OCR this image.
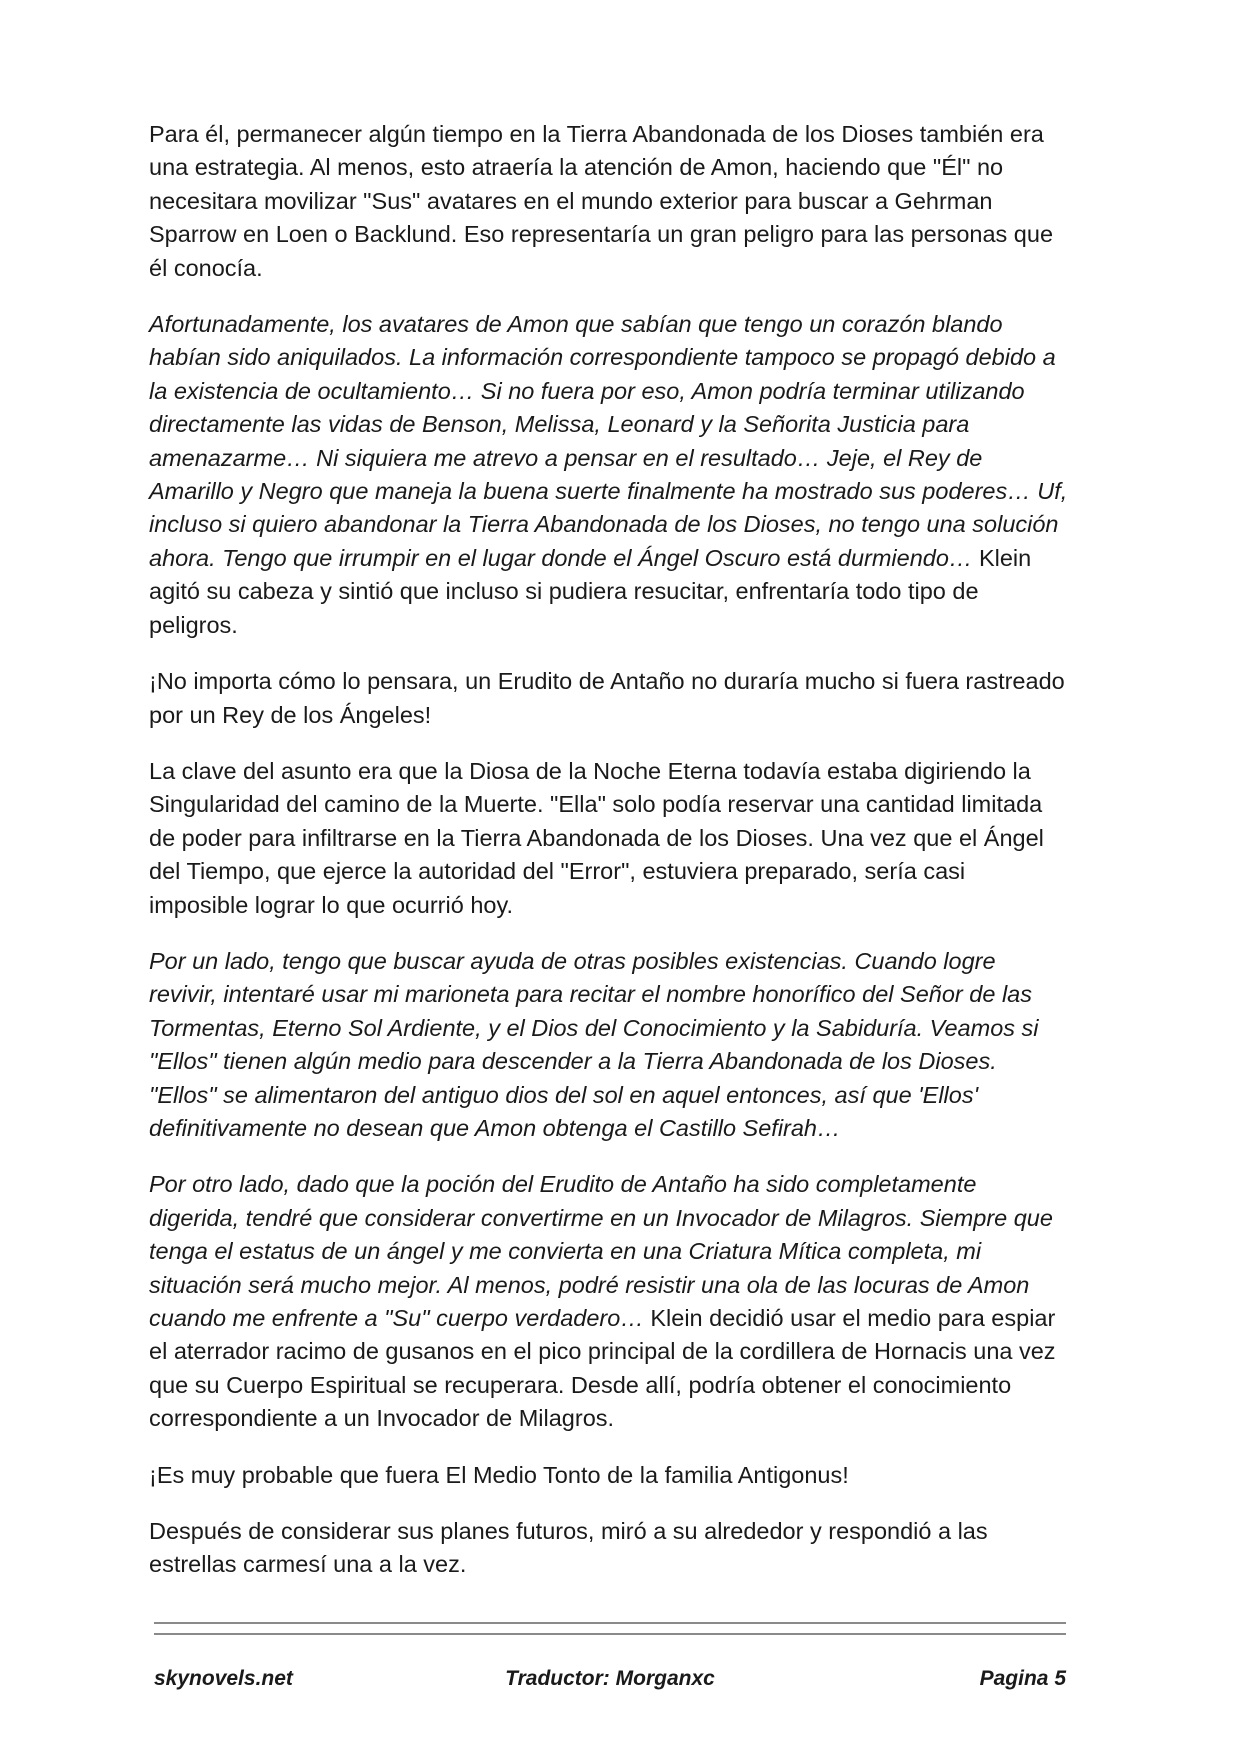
Para él, permanecer algún tiempo en la Tierra Abandonada de los Dioses también era una estrategia. Al menos, esto atraería la atención de Amon, haciendo que "Él" no necesitara movilizar "Sus" avatares en el mundo exterior para buscar a Gehrman Sparrow en Loen o Backlund. Eso representaría un gran peligro para las personas que él conocía.

Afortunadamente, los avatares de Amon que sabían que tengo un corazón blando habían sido aniquilados. La información correspondiente tampoco se propagó debido a la existencia de ocultamiento… Si no fuera por eso, Amon podría terminar utilizando directamente las vidas de Benson, Melissa, Leonard y la Señorita Justicia para amenazarme… Ni siquiera me atrevo a pensar en el resultado… Jeje, el Rey de Amarillo y Negro que maneja la buena suerte finalmente ha mostrado sus poderes… Uf, incluso si quiero abandonar la Tierra Abandonada de los Dioses, no tengo una solución ahora. Tengo que irrumpir en el lugar donde el Ángel Oscuro está durmiendo… Klein agitó su cabeza y sintió que incluso si pudiera resucitar, enfrentaría todo tipo de peligros.

¡No importa cómo lo pensara, un Erudito de Antaño no duraría mucho si fuera rastreado por un Rey de los Ángeles!

La clave del asunto era que la Diosa de la Noche Eterna todavía estaba digiriendo la Singularidad del camino de la Muerte. "Ella" solo podía reservar una cantidad limitada de poder para infiltrarse en la Tierra Abandonada de los Dioses. Una vez que el Ángel del Tiempo, que ejerce la autoridad del "Error", estuviera preparado, sería casi imposible lograr lo que ocurrió hoy.

Por un lado, tengo que buscar ayuda de otras posibles existencias. Cuando logre revivir, intentaré usar mi marioneta para recitar el nombre honorífico del Señor de las Tormentas, Eterno Sol Ardiente, y el Dios del Conocimiento y la Sabiduría. Veamos si "Ellos" tienen algún medio para descender a la Tierra Abandonada de los Dioses. "Ellos" se alimentaron del antiguo dios del sol en aquel entonces, así que 'Ellos' definitivamente no desean que Amon obtenga el Castillo Sefirah…

Por otro lado, dado que la poción del Erudito de Antaño ha sido completamente digerida, tendré que considerar convertirme en un Invocador de Milagros. Siempre que tenga el estatus de un ángel y me convierta en una Criatura Mítica completa, mi situación será mucho mejor. Al menos, podré resistir una ola de las locuras de Amon cuando me enfrente a "Su" cuerpo verdadero… Klein decidió usar el medio para espiar el aterrador racimo de gusanos en el pico principal de la cordillera de Hornacis una vez que su Cuerpo Espiritual se recuperara. Desde allí, podría obtener el conocimiento correspondiente a un Invocador de Milagros.

¡Es muy probable que fuera El Medio Tonto de la familia Antigonus!

Después de considerar sus planes futuros, miró a su alrededor y respondió a las estrellas carmesí una a la vez.

skynovels.net	Traductor: Morganxc	Pagina 5
